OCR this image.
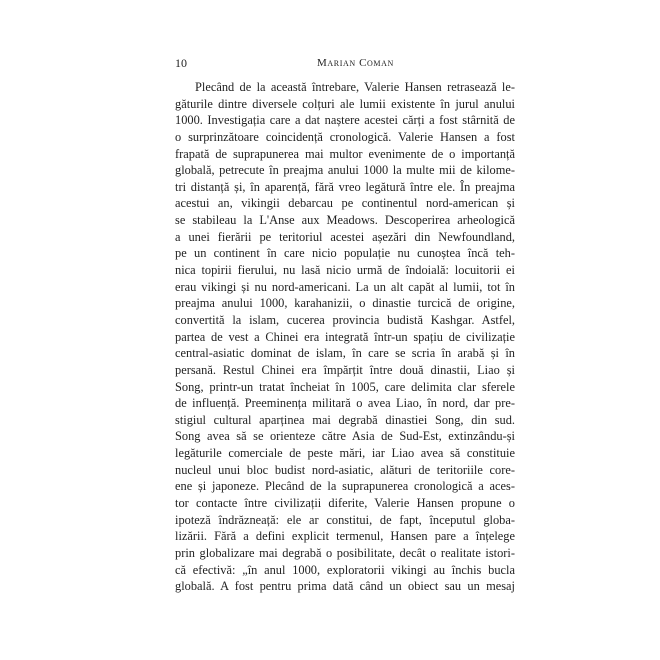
10	Marian Coman

Plecând de la această întrebare, Valerie Hansen retrasează le-
găturile dintre diversele colțuri ale lumii existente în jurul anului
1000. Investigația care a dat naștere acestei cărți a fost stârnită de
o surprinzătoare coincidență cronologică. Valerie Hansen a fost
frapată de suprapunerea mai multor evenimente de o importanță
globală, petrecute în preajma anului 1000 la multe mii de kilome-
tri distanță și, în aparență, fără vreo legătură între ele. În preajma
acestui an, vikingii debarcau pe continentul nord-american și
se stabileau la L'Anse aux Meadows. Descoperirea arheologică
a unei fierării pe teritoriul acestei așezări din Newfoundland,
pe un continent în care nicio populație nu cunoștea încă teh-
nica topirii fierului, nu lasă nicio urmă de îndoială: locuitorii ei
erau vikingi și nu nord-americani. La un alt capăt al lumii, tot în
preajma anului 1000, karahanizii, o dinastie turcică de origine,
convertită la islam, cucerea provincia budistă Kashgar. Astfel,
partea de vest a Chinei era integrată într-un spațiu de civilizație
central-asiatic dominat de islam, în care se scria în arabă și în
persană. Restul Chinei era împărțit între două dinastii, Liao și
Song, printr-un tratat încheiat în 1005, care delimita clar sferele
de influență. Preeminența militară o avea Liao, în nord, dar pre-
stigiul cultural aparținea mai degrabă dinastiei Song, din sud.
Song avea să se orienteze către Asia de Sud-Est, extinzându-și
legăturile comerciale de peste mări, iar Liao avea să constituie
nucleul unui bloc budist nord-asiatic, alături de teritoriile core-
ene și japoneze. Plecând de la suprapunerea cronologică a aces-
tor contacte între civilizații diferite, Valerie Hansen propune o
ipoteză îndrăzneață: ele ar constitui, de fapt, începutul globa-
lizării. Fără a defini explicit termenul, Hansen pare a înțelege
prin globalizare mai degrabă o posibilitate, decât o realitate istori-
că efectivă: „în anul 1000, exploratorii vikingi au închis bucla
globală. A fost pentru prima dată când un obiect sau un mesaj
